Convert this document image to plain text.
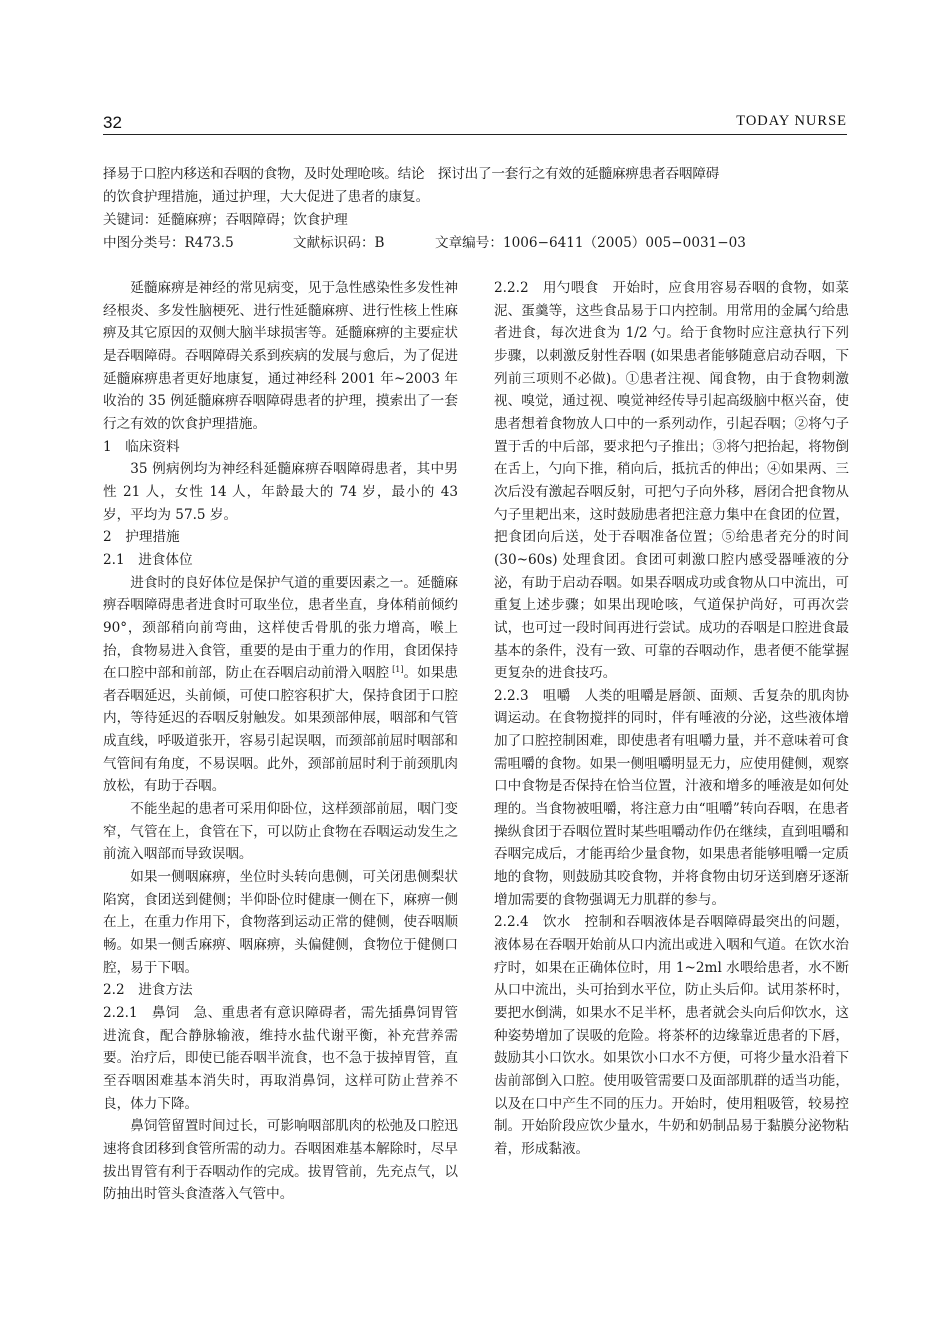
32	TODAY NURSE

择易于口腔内移送和吞咽的食物，及时处理呛咳。结论　探讨出了一套行之有效的延髓麻痹患者吞咽障碍

的饮食护理措施，通过护理，大大促进了患者的康复。

关键词：延髓麻痹；吞咽障碍；饮食护理

中图分类号：R473.5	文献标识码：B	文章编号：1006−6411（2005）005−0031−03

延髓麻痹是神经的常见病变，见于急性感染性多发性神经根炎、多发性脑梗死、进行性延髓麻痹、进行性核上性麻痹及其它原因的双侧大脑半球损害等。延髓麻痹的主要症状是吞咽障碍。吞咽障碍关系到疾病的发展与愈后，为了促进延髓麻痹患者更好地康复，通过神经科 2001 年~2003 年收治的 35 例延髓麻痹吞咽障碍患者的护理，摸索出了一套行之有效的饮食护理措施。

1　临床资料

35 例病例均为神经科延髓麻痹吞咽障碍患者，其中男性 21 人，女性 14 人，年龄最大的 74 岁，最小的 43 岁，平均为 57.5 岁。

2　护理措施

2.1　进食体位

进食时的良好体位是保护气道的重要因素之一。延髓麻痹吞咽障碍患者进食时可取坐位，患者坐直，身体稍前倾约 90°，颈部稍向前弯曲，这样使舌骨肌的张力增高，喉上抬，食物易进入食管，重要的是由于重力的作用，食团保持在口腔中部和前部，防止在吞咽启动前滑入咽腔 [1]。如果患者吞咽延迟，头前倾，可使口腔容积扩大，保持食团于口腔内，等待延迟的吞咽反射触发。如果颈部伸展，咽部和气管成直线，呼吸道张开，容易引起误咽，而颈部前屈时咽部和气管间有角度，不易误咽。此外，颈部前屈时利于前颈肌肉放松，有助于吞咽。

不能坐起的患者可采用仰卧位，这样颈部前屈，咽门变窄，气管在上，食管在下，可以防止食物在吞咽运动发生之前流入咽部而导致误咽。

如果一侧咽麻痹，坐位时头转向患侧，可关闭患侧梨状陷窝，食团送到健侧；半仰卧位时健康一侧在下，麻痹一侧在上，在重力作用下，食物落到运动正常的健侧，使吞咽顺畅。如果一侧舌麻痹、咽麻痹，头偏健侧，食物位于健侧口腔，易于下咽。

2.2　进食方法

2.2.1　鼻饲 急、重患者有意识障碍者，需先插鼻饲胃管进流食，配合静脉输液，维持水盐代谢平衡，补充营养需要。治疗后，即使已能吞咽半流食，也不急于拔掉胃管，直至吞咽困难基本消失时，再取消鼻饲，这样可防止营养不良，体力下降。

鼻饲管留置时间过长，可影响咽部肌肉的松弛及口腔迅速将食团移到食管所需的动力。吞咽困难基本解除时，尽早拔出胃管有利于吞咽动作的完成。拔胃管前，先充点气，以防抽出时管头食渣落入气管中。

2.2.2　用勺喂食 开始时，应食用容易吞咽的食物，如菜泥、蛋羹等，这些食品易于口内控制。用常用的金属勺给患者进食，每次进食为 1/2 勺。给于食物时应注意执行下列步骤，以刺激反射性吞咽 (如果患者能够随意启动吞咽，下列前三项则不必做)。①患者注视、闻食物，由于食物刺激视、嗅觉，通过视、嗅觉神经传导引起高级脑中枢兴奋，使患者想着食物放人口中的一系列动作，引起吞咽；②将勺子置于舌的中后部，要求把勺子推出；③将勺把抬起，将物倒在舌上，勺向下推，稍向后，抵抗舌的伸出；④如果两、三次后没有激起吞咽反射，可把勺子向外移，唇闭合把食物从勺子里耙出来，这时鼓励患者把注意力集中在食团的位置，把食团向后送，处于吞咽准备位置；⑤给患者充分的时间 (30~60s) 处理食团。食团可刺激口腔内感受器唾液的分泌，有助于启动吞咽。如果吞咽成功或食物从口中流出，可重复上述步骤；如果出现呛咳，气道保护尚好，可再次尝试，也可过一段时间再进行尝试。成功的吞咽是口腔进食最基本的条件，没有一致、可靠的吞咽动作，患者便不能掌握更复杂的进食技巧。

2.2.3　咀嚼 人类的咀嚼是唇颌、面颊、舌复杂的肌肉协调运动。在食物搅拌的同时，伴有唾液的分泌，这些液体增加了口腔控制困难，即使患者有咀嚼力量，并不意味着可食需咀嚼的食物。如果一侧咀嚼明显无力，应使用健侧，观察口中食物是否保持在恰当位置，汁液和增多的唾液是如何处理的。当食物被咀嚼，将注意力由“咀嚼”转向吞咽，在患者操纵食团于吞咽位置时某些咀嚼动作仍在继续，直到咀嚼和吞咽完成后，才能再给少量食物，如果患者能够咀嚼一定质地的食物，则鼓励其咬食物，并将食物由切牙送到磨牙逐渐增加需要的食物强调无力肌群的参与。

2.2.4　饮水 控制和吞咽液体是吞咽障碍最突出的问题，液体易在吞咽开始前从口内流出或进入咽和气道。在饮水治疗时，如果在正确体位时，用 1~2ml 水喂给患者，水不断从口中流出，头可抬到水平位，防止头后仰。试用茶杯时，要把水倒满，如果水不足半杯，患者就会头向后仰饮水，这种姿势增加了误吸的危险。将茶杯的边缘靠近患者的下唇，鼓励其小口饮水。如果饮小口水不方便，可将少量水沿着下齿前部倒入口腔。使用吸管需要口及面部肌群的适当功能，以及在口中产生不同的压力。开始时，使用粗吸管，较易控制。开始阶段应饮少量水，牛奶和奶制品易于黏膜分泌物粘着，形成黏液。
